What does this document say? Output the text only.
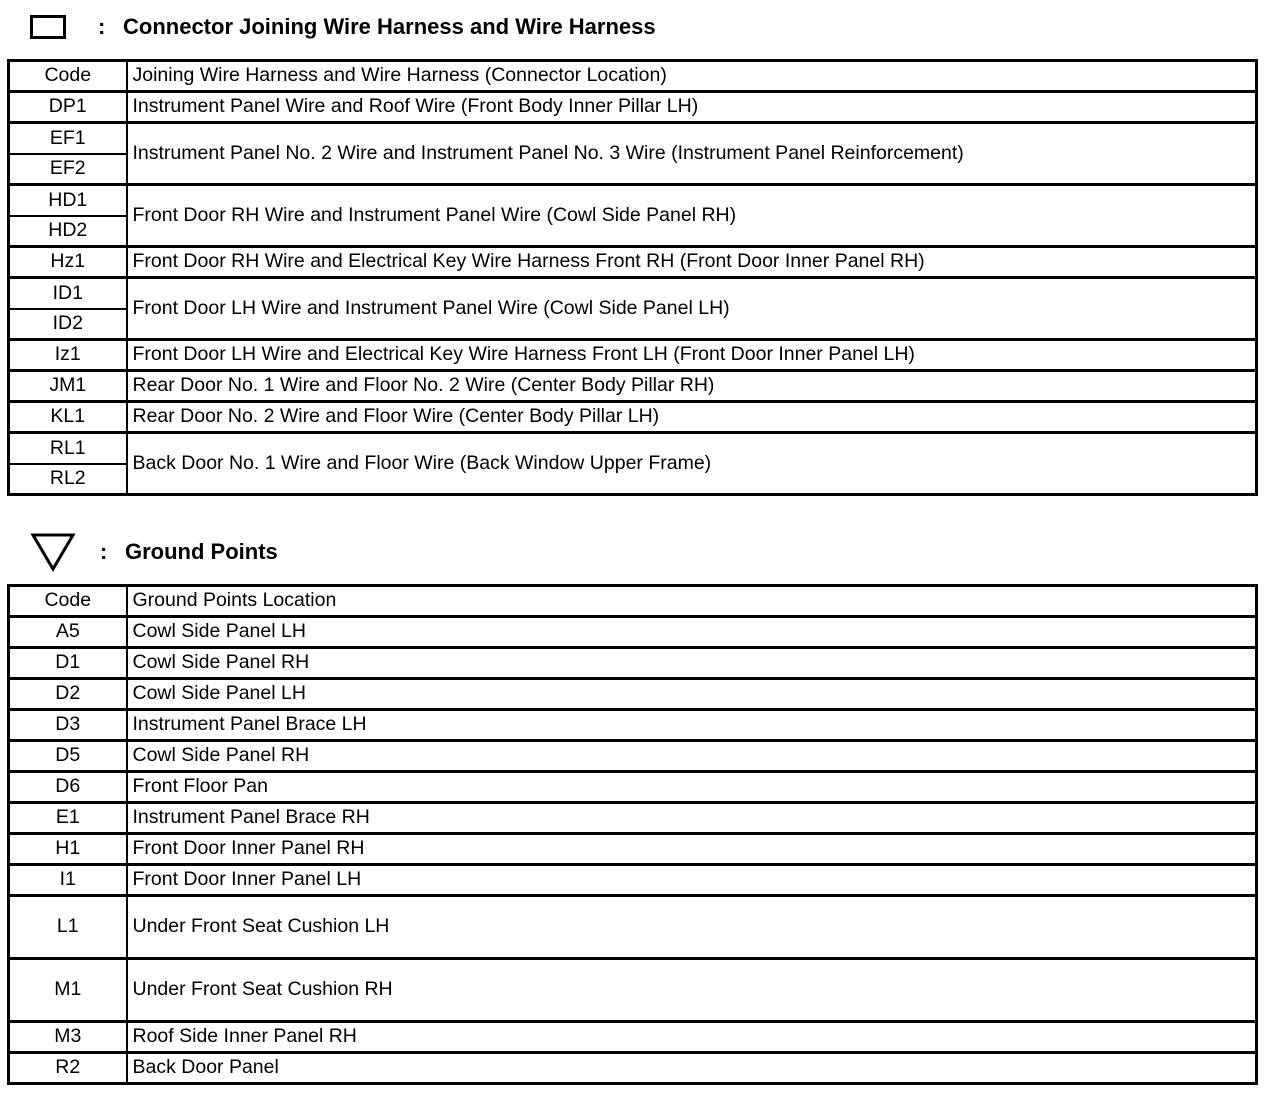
: Connector Joining Wire Harness and Wire Harness
Code	Joining Wire Harness and Wire Harness (Connector Location)
DP1	Instrument Panel Wire and Roof Wire (Front Body Inner Pillar LH)
EF1	Instrument Panel No. 2 Wire and Instrument Panel No. 3 Wire (Instrument Panel Reinforcement)
EF2	
HD1	Front Door RH Wire and Instrument Panel Wire (Cowl Side Panel RH)
HD2	
Hz1	Front Door RH Wire and Electrical Key Wire Harness Front RH (Front Door Inner Panel RH)
ID1	Front Door LH Wire and Instrument Panel Wire (Cowl Side Panel LH)
ID2	
Iz1	Front Door LH Wire and Electrical Key Wire Harness Front LH (Front Door Inner Panel LH)
JM1	Rear Door No. 1 Wire and Floor No. 2 Wire (Center Body Pillar RH)
KL1	Rear Door No. 2 Wire and Floor Wire (Center Body Pillar LH)
RL1	Back Door No. 1 Wire and Floor Wire (Back Window Upper Frame)
RL2	
: Ground Points
Code	Ground Points Location
A5	Cowl Side Panel LH
D1	Cowl Side Panel RH
D2	Cowl Side Panel LH
D3	Instrument Panel Brace LH
D5	Cowl Side Panel RH
D6	Front Floor Pan
E1	Instrument Panel Brace RH
H1	Front Door Inner Panel RH
I1	Front Door Inner Panel LH
L1	Under Front Seat Cushion LH
M1	Under Front Seat Cushion RH
M3	Roof Side Inner Panel RH
R2	Back Door Panel
